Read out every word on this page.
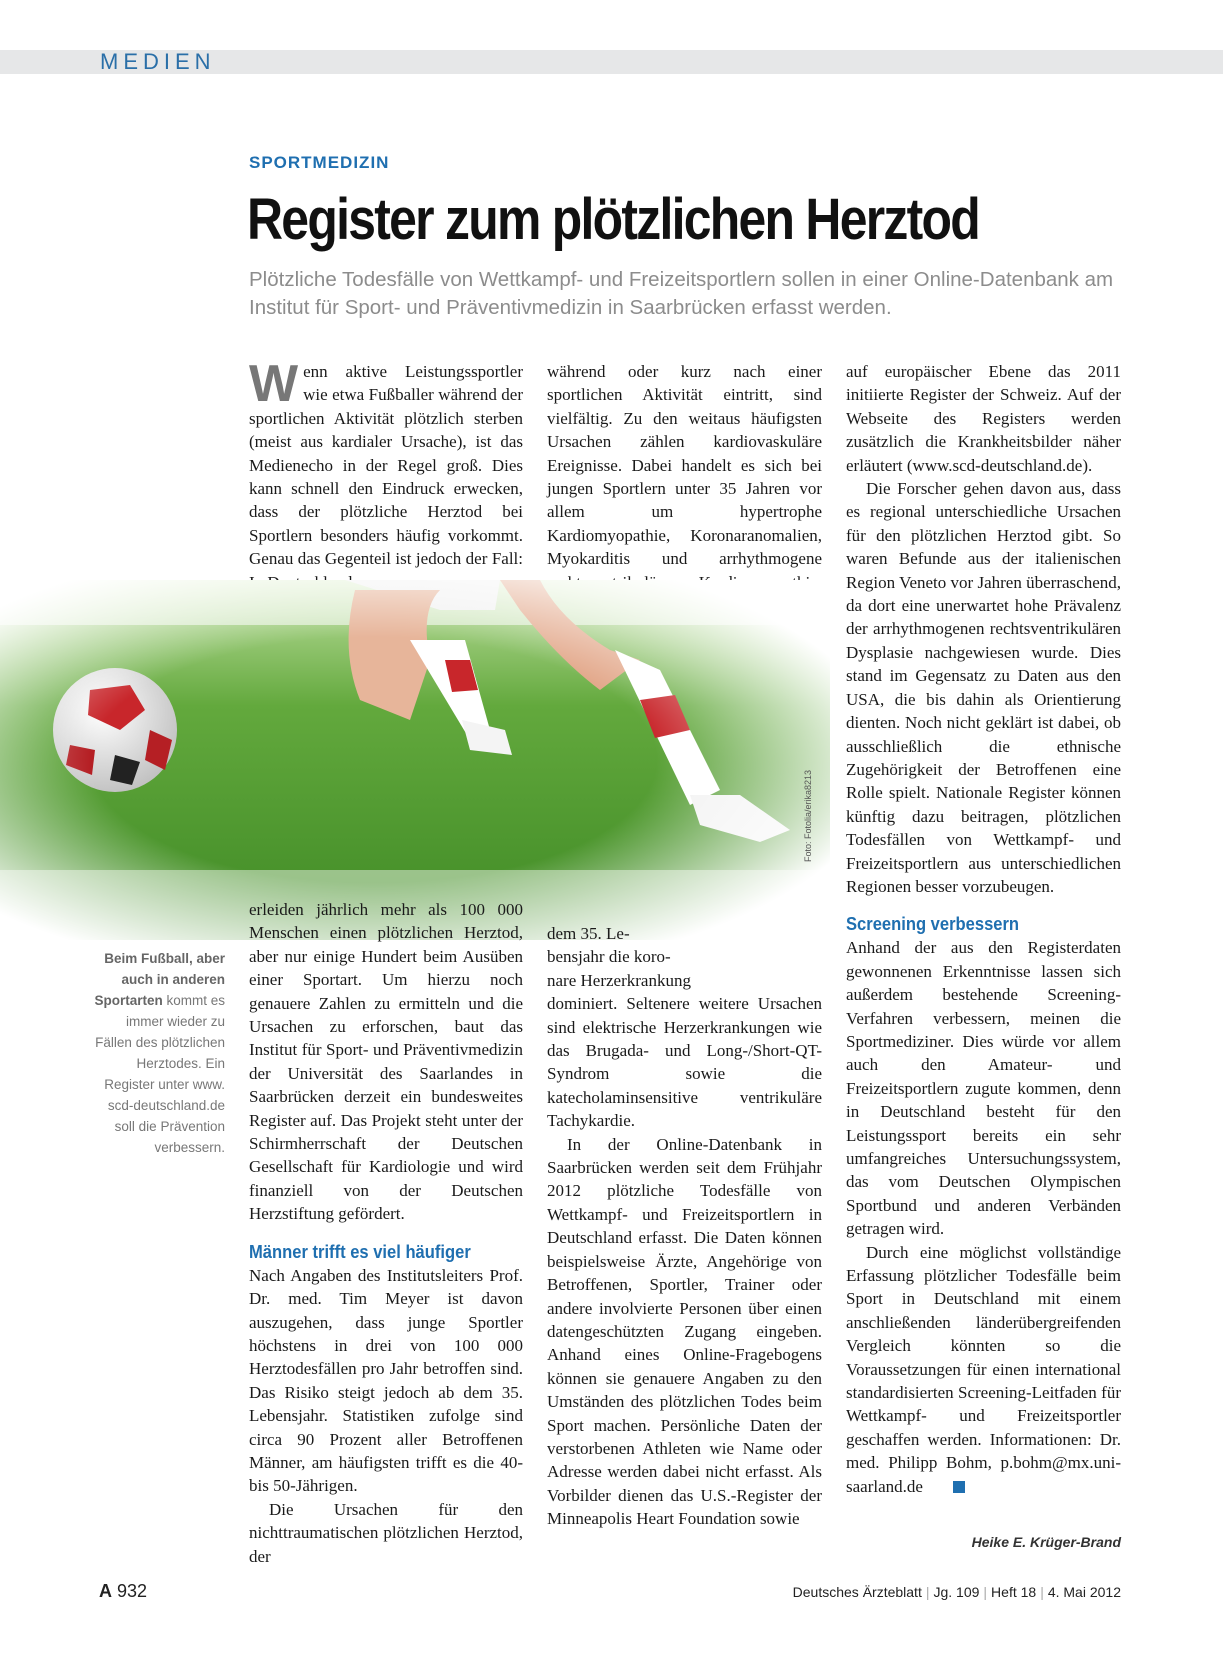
MEDIEN
SPORTMEDIZIN
Register zum plötzlichen Herztod
Plötzliche Todesfälle von Wettkampf- und Freizeitsportlern sollen in einer Online-Datenbank am Institut für Sport- und Präventivmedizin in Saarbrücken erfasst werden.

Wenn aktive Leistungssportler wie etwa Fußballer während der sportlichen Aktivität plötzlich sterben (meist aus kardialer Ursache), ist das Medienecho in der Regel groß. Dies kann schnell den Eindruck erwecken, dass der plötzliche Herztod bei Sportlern besonders häufig vorkommt. Genau das Gegenteil ist jedoch der Fall:

während oder kurz nach einer sportlichen Aktivität eintritt, sind vielfältig. Zu den weitaus häufigsten Ursachen zählen kardiovaskuläre Ereignisse. Dabei handelt es sich bei jungen Sportlern unter 35 Jahren vor allem um hypertrophe Kardiomyopathie, Koronaranomalien, Myokarditis und arrhythmogene

Foto: Fotolia/erika8213
Beim Fußball, aber auch in anderen Sportarten kommt es immer wieder zu Fällen des plötzlichen Herztodes. Ein Register unter www. scd-deutschland.de soll die Prävention verbessern.

erleiden jährlich mehr als 100 000 Menschen einen plötzlichen Herztod, aber nur einige Hundert beim Ausüben einer Sportart. Um hierzu noch genauere Zahlen zu ermitteln und die Ursachen zu erforschen, baut das Institut für Sport- und Präventivmedizin der Universität des Saarlandes in Saarbrücken derzeit ein bundesweites Register auf. Das Projekt steht unter der Schirmherrschaft der Deutschen Gesellschaft für Kardiologie und wird finanziell von der Deutschen Herzstiftung gefördert.

Männer trifft es viel häufiger

Nach Angaben des Institutsleiters Prof. Dr. med. Tim Meyer ist davon auszugehen, dass junge Sportler höchstens in drei von 100 000 Herztodesfällen pro Jahr betroffen sind. Das Risiko steigt jedoch ab dem 35. Lebensjahr. Statistiken zufolge sind circa 90 Prozent aller Betroffenen Männer, am häufigsten trifft es die 40- bis 50-Jährigen.

Die Ursachen für den nichttraumatischen plötzlichen Herztod, der

dem 35. Le-
bensjahr die koro-
nare Herzerkrankung

dominiert. Seltenere weitere Ursachen sind elektrische Herzerkrankungen wie das Brugada- und Long-/Short-QT-Syndrom sowie die katecholaminsensitive ventrikuläre Tachykardie.

In der Online-Datenbank in Saarbrücken werden seit dem Frühjahr 2012 plötzliche Todesfälle von Wettkampf- und Freizeitsportlern in Deutschland erfasst. Die Daten können beispielsweise Ärzte, Angehörige von Betroffenen, Sportler, Trainer oder andere involvierte Personen über einen datengeschützten Zugang eingeben. Anhand eines Online-Fragebogens können sie genauere Angaben zu den Umständen des plötzlichen Todes beim Sport machen. Persönliche Daten der verstorbenen Athleten wie Name oder Adresse werden dabei nicht erfasst. Als Vorbilder dienen das U.S.-Register der Minneapolis Heart Foundation sowie

auf europäischer Ebene das 2011 initiierte Register der Schweiz. Auf der Webseite des Registers werden zusätzlich die Krankheitsbilder näher erläutert (www.scd-deutschland.de).

Die Forscher gehen davon aus, dass es regional unterschiedliche Ursachen für den plötzlichen Herztod gibt. So waren Befunde aus der italienischen Region Veneto vor Jahren überraschend, da dort eine unerwartet hohe Prävalenz der arrhythmogenen rechtsventrikulären Dysplasie nachgewiesen wurde. Dies stand im Gegensatz zu Daten aus den USA, die bis dahin als Orientierung dienten. Noch nicht geklärt ist dabei, ob ausschließlich die ethnische Zugehörigkeit der Betroffenen eine Rolle spielt. Nationale Register können künftig dazu beitragen, plötzlichen Todesfällen von Wettkampf- und Freizeitsportlern aus unterschiedlichen Regionen besser vorzubeugen.

Screening verbessern

Anhand der aus den Registerdaten gewonnenen Erkenntnisse lassen sich außerdem bestehende Screening-Verfahren verbessern, meinen die Sportmediziner. Dies würde vor allem auch den Amateur- und Freizeitsportlern zugute kommen, denn in Deutschland besteht für den Leistungssport bereits ein sehr umfangreiches Untersuchungssystem, das vom Deutschen Olympischen Sportbund und anderen Verbänden getragen wird.

Durch eine möglichst vollständige Erfassung plötzlicher Todesfälle beim Sport in Deutschland mit einem anschließenden länderübergreifenden Vergleich könnten so die Voraussetzungen für einen international standardisierten Screening-Leitfaden für Wettkampf- und Freizeitsportler geschaffen werden. Informationen: Dr. med. Philipp Bohm, p.bohm@mx.uni-saarland.de

Heike E. Krüger-Brand
A 932	Deutsches Ärzteblatt | Jg. 109 | Heft 18 | 4. Mai 2012
